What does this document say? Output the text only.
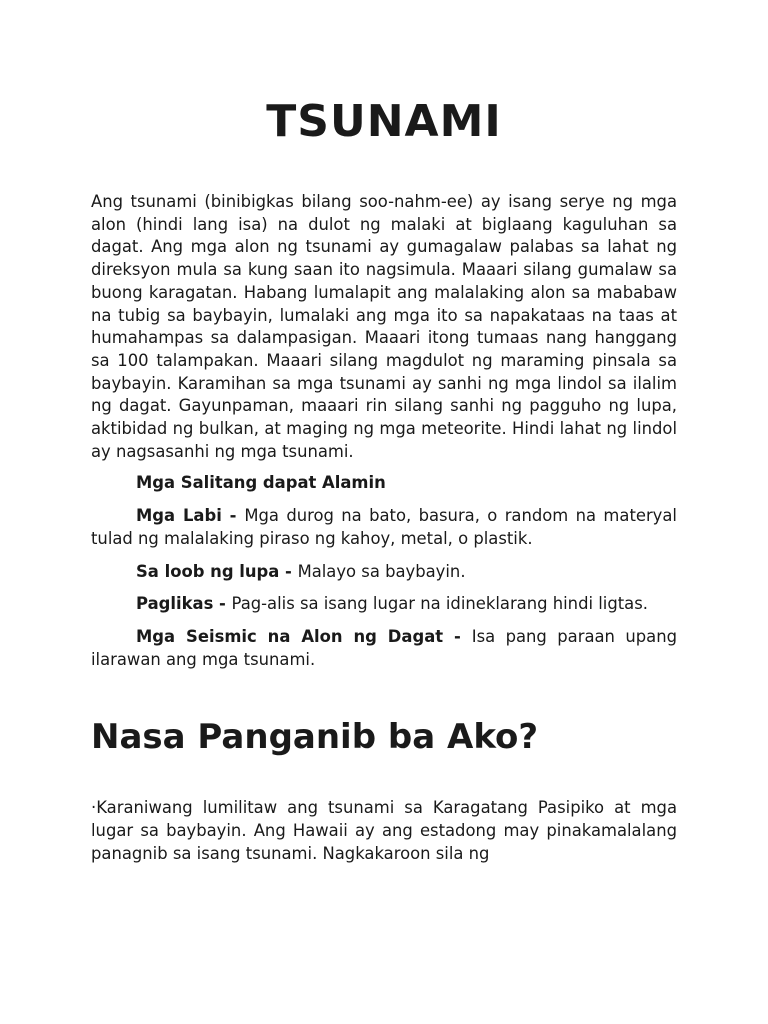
TSUNAMI

Ang tsunami (binibigkas bilang soo-nahm-ee) ay isang serye ng mga alon (hindi lang isa) na dulot ng malaki at biglaang kaguluhan sa dagat. Ang mga alon ng tsunami ay gumagalaw palabas sa lahat ng direksyon mula sa kung saan ito nagsimula. Maaari silang gumalaw sa buong karagatan. Habang lumalapit ang malalaking alon sa mababaw na tubig sa baybayin, lumalaki ang mga ito sa napakataas na taas at humahampas sa dalampasigan. Maaari itong tumaas nang hanggang sa 100 talampakan. Maaari silang magdulot ng maraming pinsala sa baybayin. Karamihan sa mga tsunami ay sanhi ng mga lindol sa ilalim ng dagat. Gayunpaman, maaari rin silang sanhi ng pagguho ng lupa, aktibidad ng bulkan, at maging ng mga meteorite. Hindi lahat ng lindol ay nagsasanhi ng mga tsunami.

Mga Salitang dapat Alamin

Mga Labi - Mga durog na bato, basura, o random na materyal tulad ng malalaking piraso ng kahoy, metal, o plastik.

Sa loob ng lupa - Malayo sa baybayin.

Paglikas - Pag-alis sa isang lugar na idineklarang hindi ligtas.

Mga Seismic na Alon ng Dagat - Isa pang paraan upang ilarawan ang mga tsunami.

Nasa Panganib ba Ako?

·Karaniwang lumilitaw ang tsunami sa Karagatang Pasipiko at mga lugar sa baybayin. Ang Hawaii ay ang estadong may pinakamalalang panagnib sa isang tsunami. Nagkakaroon sila ng
